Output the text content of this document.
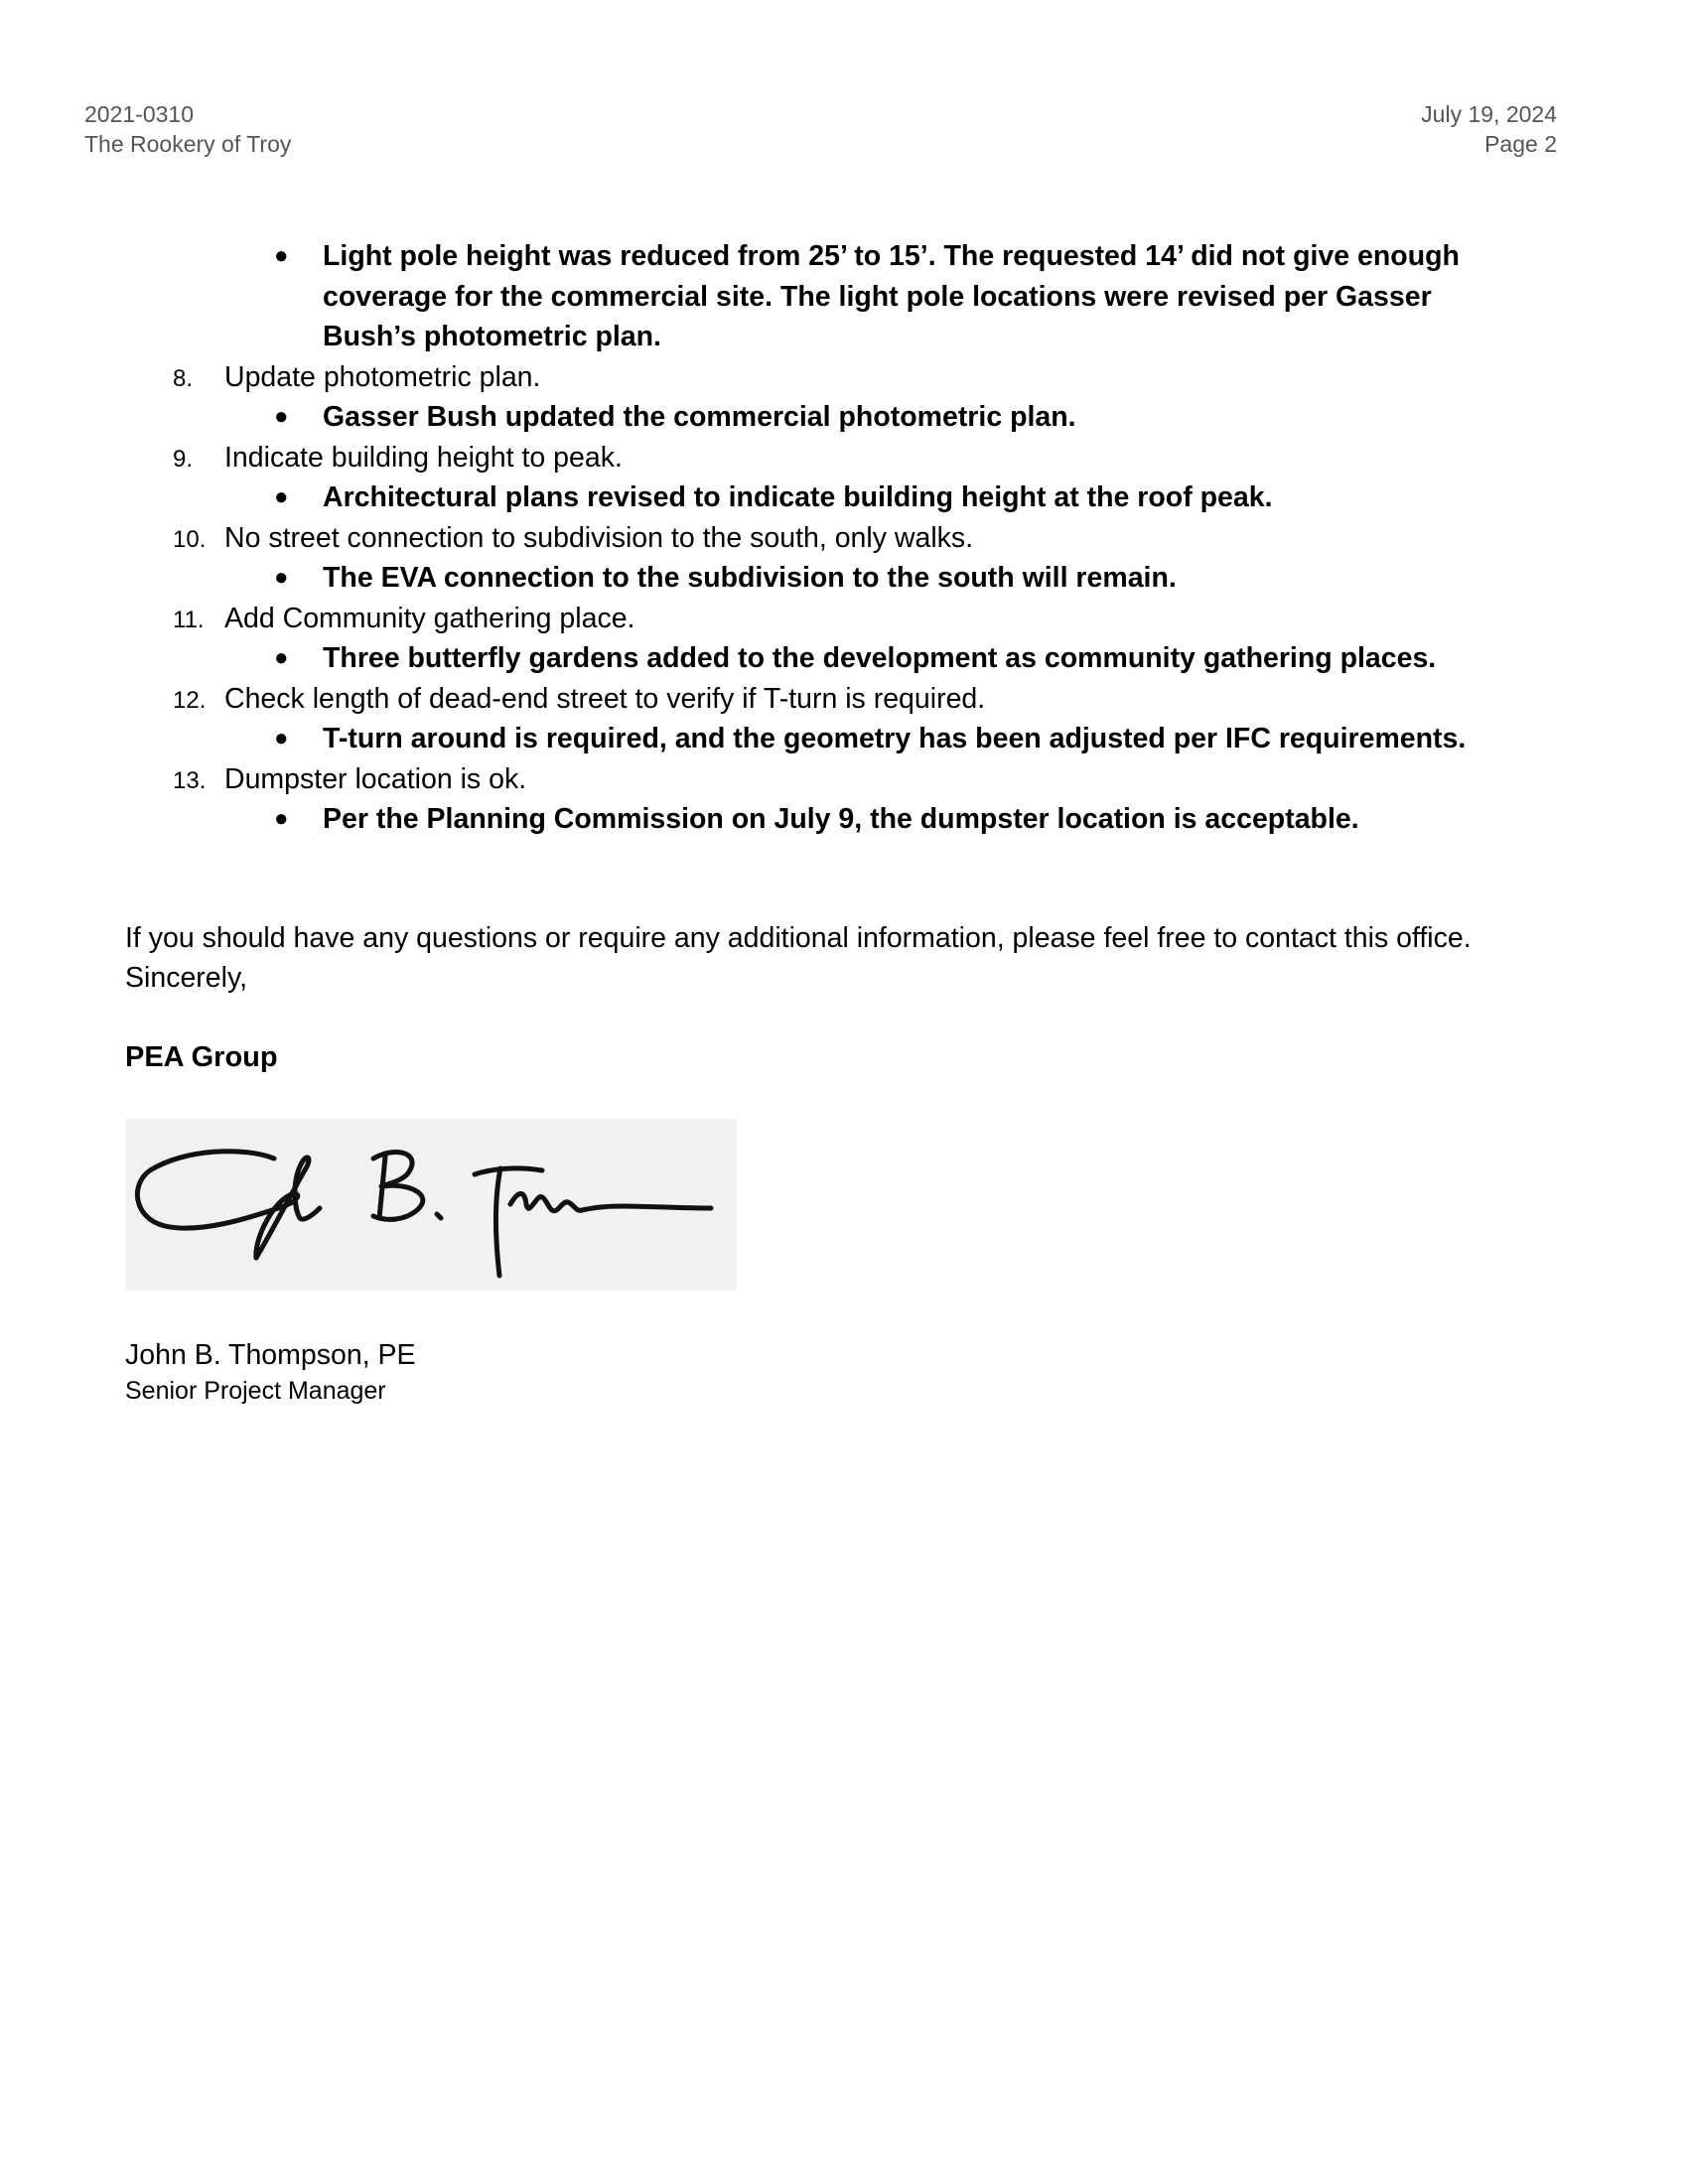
2021-0310
The Rookery of Troy
July 19, 2024
Page 2
● Light pole height was reduced from 25’ to 15’. The requested 14’ did not give enough
coverage for the commercial site. The light pole locations were revised per Gasser
Bush’s photometric plan.
8. Update photometric plan.
● Gasser Bush updated the commercial photometric plan.
9. Indicate building height to peak.
● Architectural plans revised to indicate building height at the roof peak.
10. No street connection to subdivision to the south, only walks.
● The EVA connection to the subdivision to the south will remain.
11. Add Community gathering place.
● Three butterfly gardens added to the development as community gathering places.
12. Check length of dead-end street to verify if T-turn is required.
● T-turn around is required, and the geometry has been adjusted per IFC requirements.
13. Dumpster location is ok.
● Per the Planning Commission on July 9, the dumpster location is acceptable.
If you should have any questions or require any additional information, please feel free to contact this office.
Sincerely,
PEA Group
John B. Thompson, PE
Senior Project Manager
